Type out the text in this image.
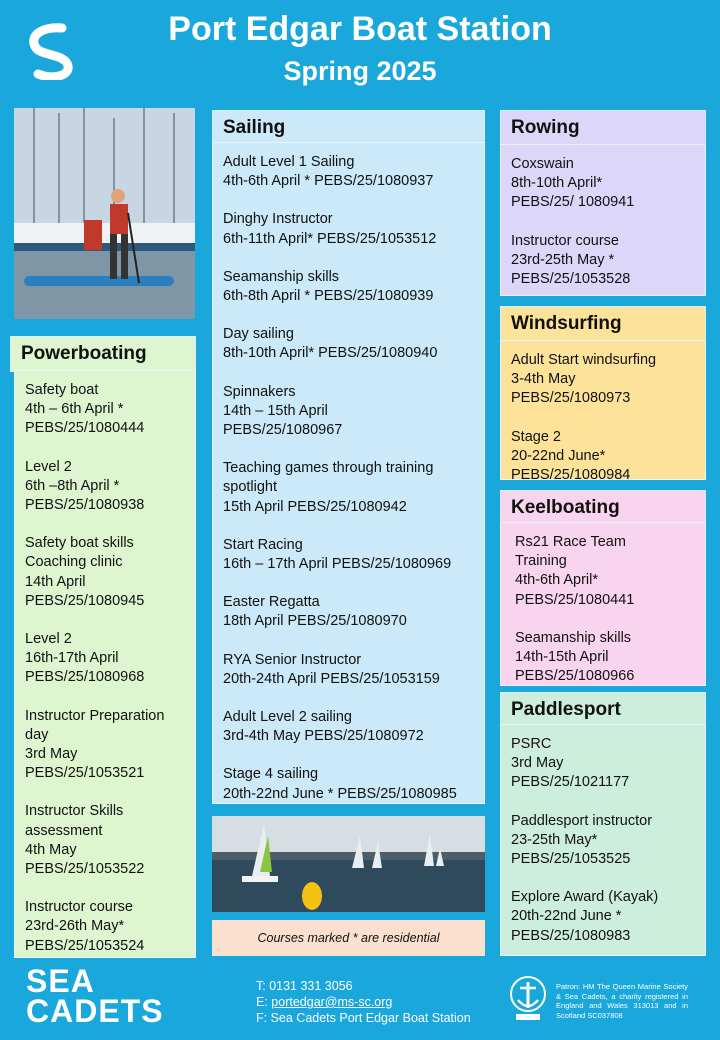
Port Edgar Boat Station
Spring 2025
Powerboating
Safety boat
4th – 6th April *
PEBS/25/1080444
Level 2
6th –8th April *
PEBS/25/1080938
Safety boat skills
Coaching clinic
14th April
PEBS/25/1080945
Level 2
16th-17th April
PEBS/25/1080968
Instructor Preparation
day
3rd May
PEBS/25/1053521
Instructor Skills
assessment
4th May
PEBS/25/1053522
Instructor course
23rd-26th May*
PEBS/25/1053524
Sailing
Adult Level 1 Sailing
4th-6th April * PEBS/25/1080937
Dinghy Instructor
6th-11th April* PEBS/25/1053512
Seamanship skills
6th-8th April * PEBS/25/1080939
Day sailing
8th-10th April* PEBS/25/1080940
Spinnakers
14th – 15th April
PEBS/25/1080967
Teaching games through training
spotlight
15th April PEBS/25/1080942
Start Racing
16th – 17th April PEBS/25/1080969
Easter Regatta
18th April PEBS/25/1080970
RYA Senior Instructor
20th-24th April PEBS/25/1053159
Adult Level 2 sailing
3rd-4th May PEBS/25/1080972
Stage 4 sailing
20th-22nd June * PEBS/25/1080985
Courses marked * are residential
Rowing
Coxswain
8th-10th April*
PEBS/25/ 1080941
Instructor course
23rd-25th May *
PEBS/25/1053528
Windsurfing
Adult Start windsurfing
3-4th May
PEBS/25/1080973
Stage 2
20-22nd June*
PEBS/25/1080984
Keelboating
Rs21 Race Team
Training
4th-6th April*
PEBS/25/1080441
Seamanship skills
14th-15th April
PEBS/25/1080966
Paddlesport
PSRC
3rd May
PEBS/25/1021177
Paddlesport instructor
23-25th May*
PEBS/25/1053525
Explore Award (Kayak)
20th-22nd June *
PEBS/25/1080983
SEA
CADETS
T: 0131 331 3056
E: portedgar@ms-sc.org
F: Sea Cadets Port Edgar Boat Station
Patron: HM The Queen Marine Society & Sea Cadets, a charity registered in England and Wales 313013 and in Scotland SC037808
